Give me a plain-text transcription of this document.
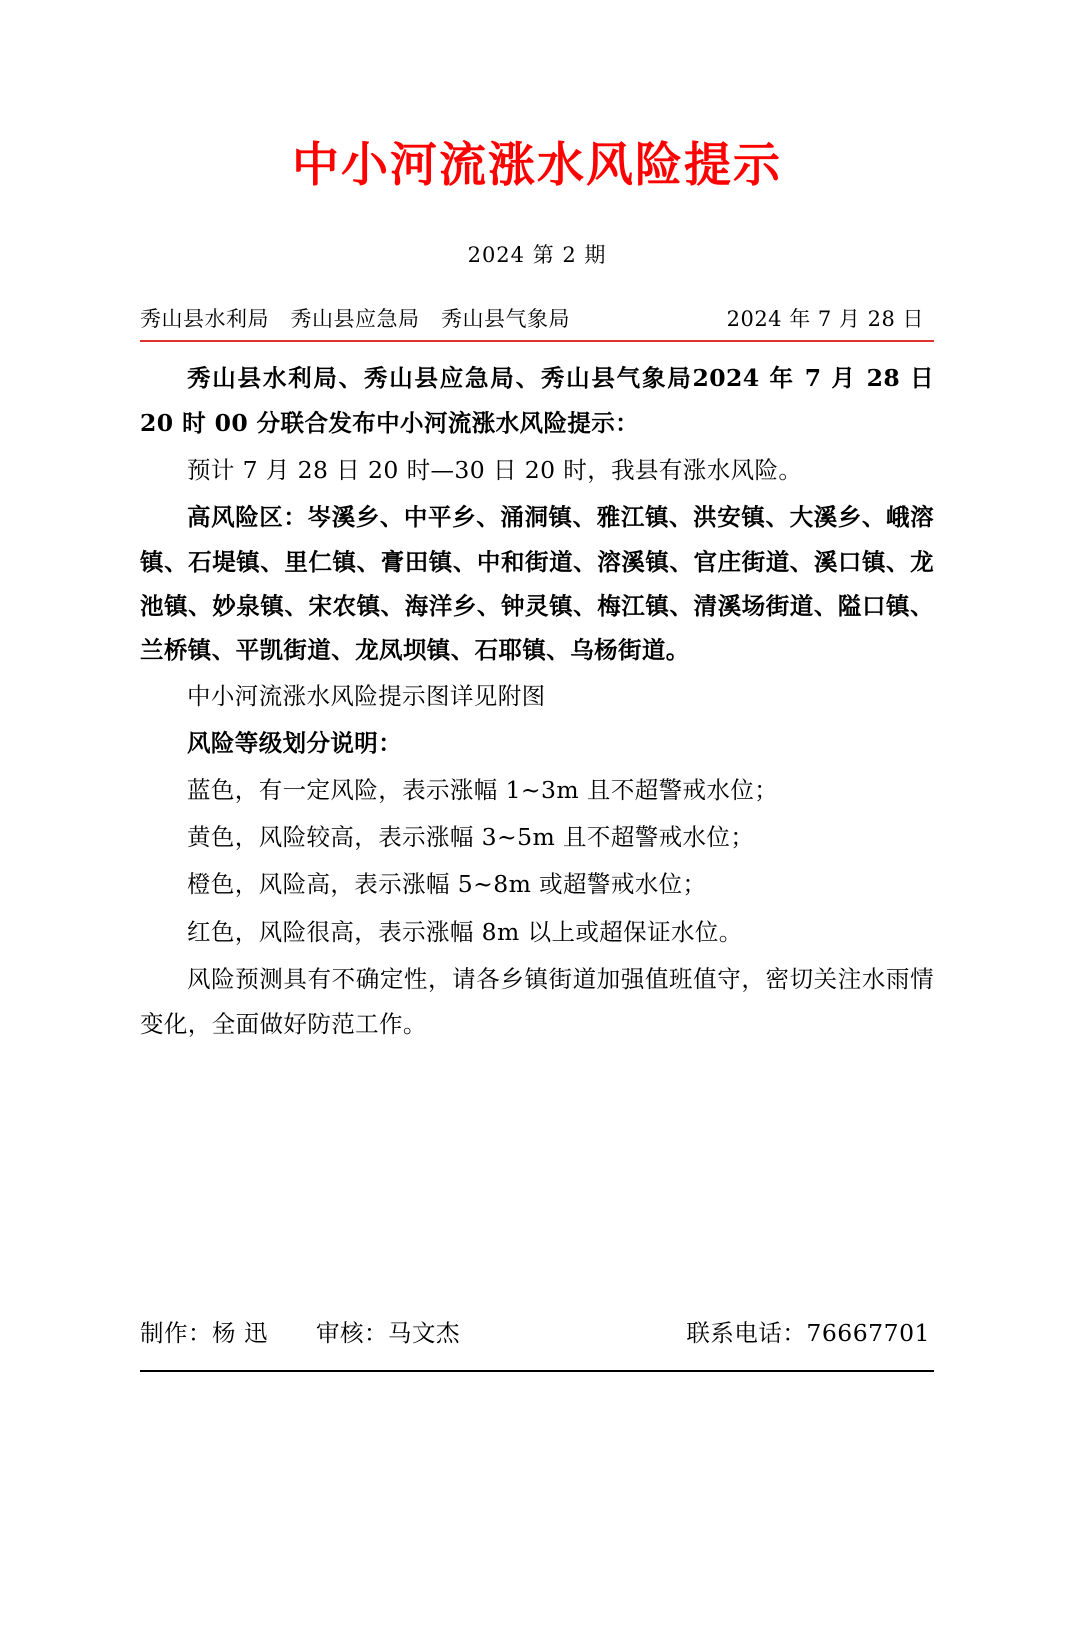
中小河流涨水风险提示
2024 第 2 期
秀山县水利局　秀山县应急局　秀山县气象局	2024 年 7 月 28 日

秀山县水利局、秀山县应急局、秀山县气象局2024 年 7 月 28 日 20 时 00 分联合发布中小河流涨水风险提示：

预计 7 月 28 日 20 时—30 日 20 时，我县有涨水风险。

高风险区：岑溪乡、中平乡、涌洞镇、雅江镇、洪安镇、大溪乡、峨溶镇、石堤镇、里仁镇、膏田镇、中和街道、溶溪镇、官庄街道、溪口镇、龙池镇、妙泉镇、宋农镇、海洋乡、钟灵镇、梅江镇、清溪场街道、隘口镇、兰桥镇、平凯街道、龙凤坝镇、石耶镇、乌杨街道。

中小河流涨水风险提示图详见附图

风险等级划分说明：

蓝色，有一定风险，表示涨幅 1~3m 且不超警戒水位；

黄色，风险较高，表示涨幅 3~5m 且不超警戒水位；

橙色，风险高，表示涨幅 5~8m 或超警戒水位；

红色，风险很高，表示涨幅 8m 以上或超保证水位。

风险预测具有不确定性，请各乡镇街道加强值班值守，密切关注水雨情变化，全面做好防范工作。

制作：杨 迅　　审核：马文杰	联系电话：76667701
